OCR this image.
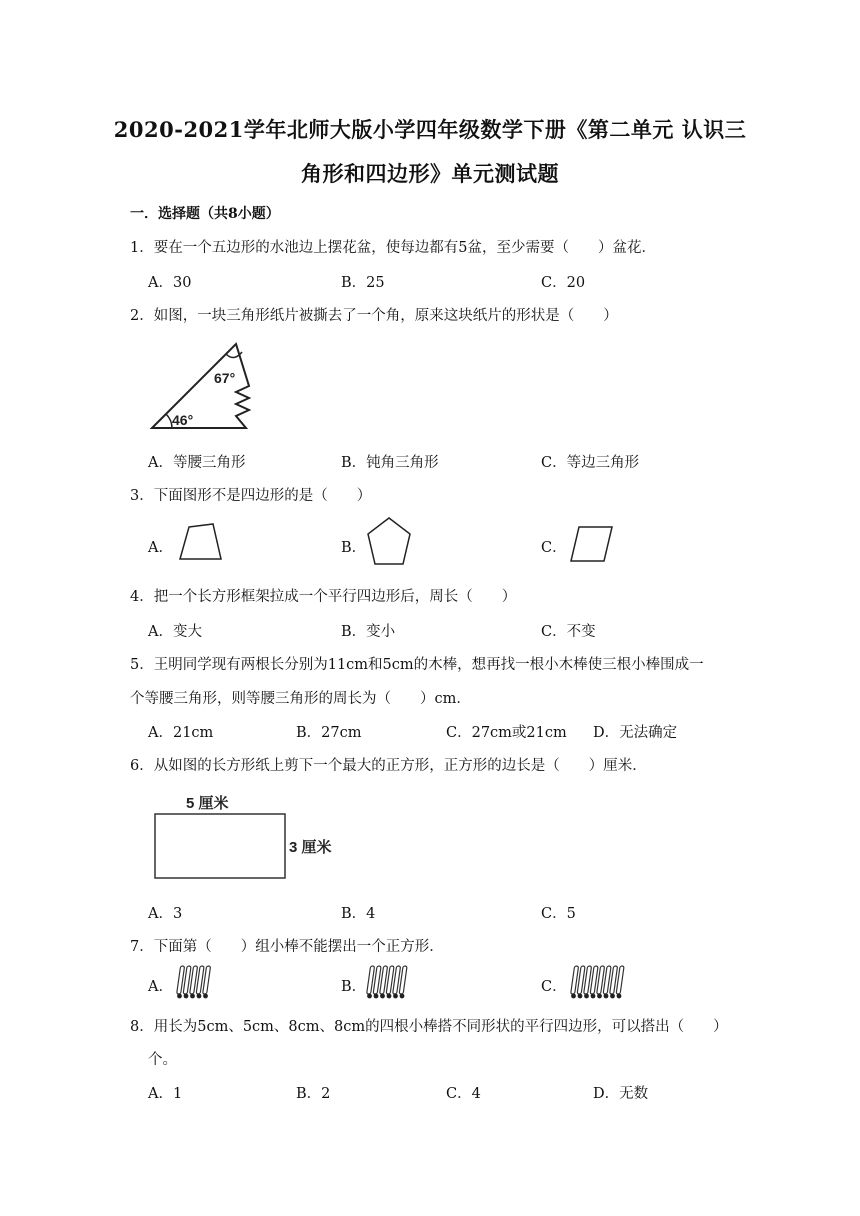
2020-2021学年北师大版小学四年级数学下册《第二单元 认识三
角形和四边形》单元测试题
一．选择题（共8小题）
1．要在一个五边形的水池边上摆花盆，使每边都有5盆，至少需要（　　）盆花．
A．30	B．25	C．20
2．如图，一块三角形纸片被撕去了一个角，原来这块纸片的形状是（　　）
67°
46°
A．等腰三角形	B．钝角三角形	C．等边三角形
3．下面图形不是四边形的是（　　）
A．	B．	C．
4．把一个长方形框架拉成一个平行四边形后，周长（　　）
A．变大	B．变小	C．不变
5．王明同学现有两根长分别为11cm和5cm的木棒，想再找一根小木棒使三根小棒围成一
个等腰三角形，则等腰三角形的周长为（　　）cm．
A．21cm	B．27cm	C．27cm或21cm D．无法确定
6．从如图的长方形纸上剪下一个最大的正方形，正方形的边长是（　　）厘米．
5 厘米
3 厘米
A．3	B．4	C．5
7．下面第（　　）组小棒不能摆出一个正方形．
A．	B．	C．
8．用长为5cm、5cm、8cm、8cm的四根小棒搭不同形状的平行四边形，可以搭出（　　）
个。
A．1	B．2	C．4	D．无数
